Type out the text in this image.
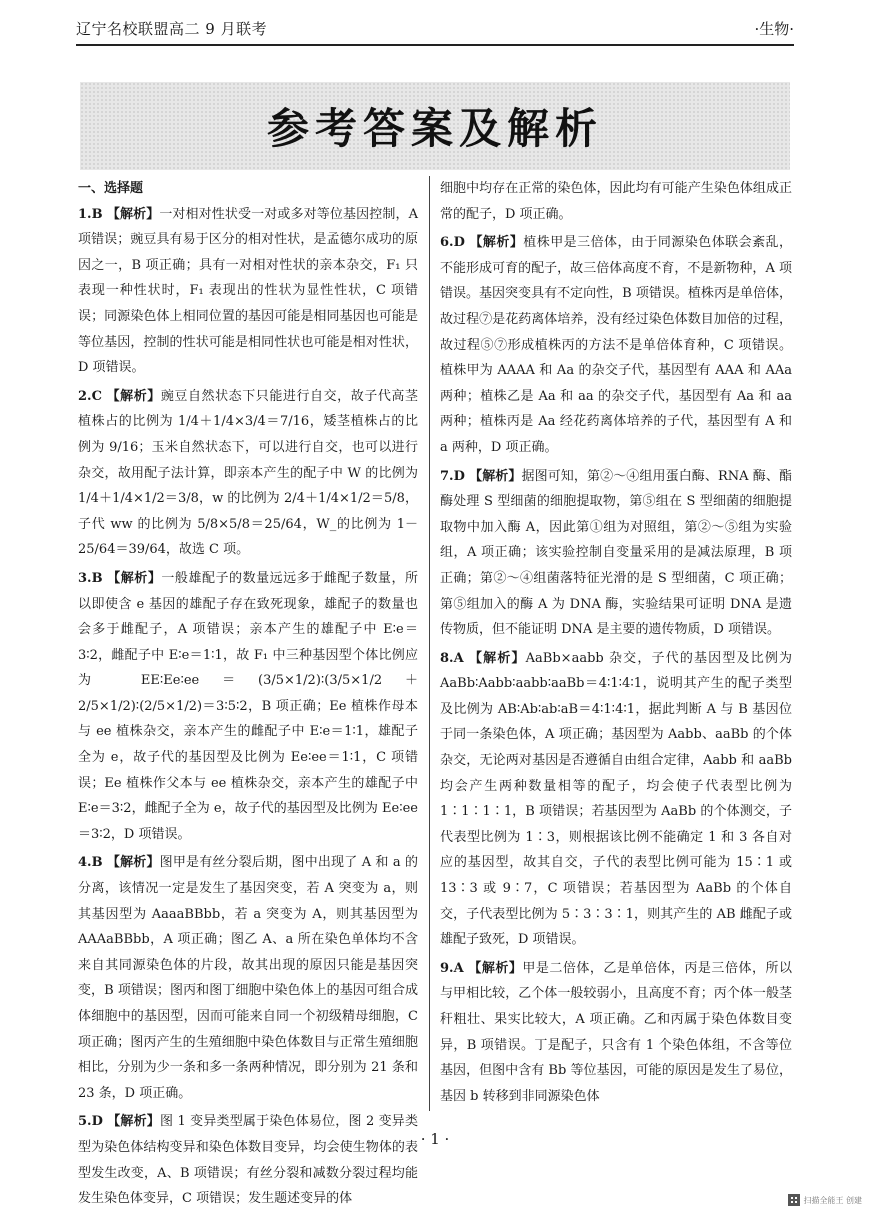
辽宁名校联盟高二 9 月联考	·生物·
参考答案及解析
一、选择题
1.B 【解析】一对相对性状受一对或多对等位基因控制，A 项错误；豌豆具有易于区分的相对性状，是孟德尔成功的原因之一，B 项正确；具有一对相对性状的亲本杂交，F₁ 只表现一种性状时，F₁ 表现出的性状为显性性状，C 项错误；同源染色体上相同位置的基因可能是相同基因也可能是等位基因，控制的性状可能是相同性状也可能是相对性状，D 项错误。
2.C 【解析】豌豆自然状态下只能进行自交，故子代高茎植株占的比例为 1/4＋1/4×3/4＝7/16，矮茎植株占的比例为 9/16；玉米自然状态下，可以进行自交，也可以进行杂交，故用配子法计算，即亲本产生的配子中 W 的比例为 1/4＋1/4×1/2＝3/8，w 的比例为 2/4＋1/4×1/2＝5/8，子代 ww 的比例为 5/8×5/8＝25/64，W_的比例为 1－25/64＝39/64，故选 C 项。
3.B 【解析】一般雄配子的数量远远多于雌配子数量，所以即使含 e 基因的雄配子存在致死现象，雄配子的数量也会多于雌配子，A 项错误；亲本产生的雄配子中 E∶e＝3∶2，雌配子中 E∶e＝1∶1，故 F₁ 中三种基因型个体比例应为 EE∶Ee∶ee＝(3/5×1/2)∶(3/5×1/2＋2/5×1/2)∶(2/5×1/2)＝3∶5∶2，B 项正确；Ee 植株作母本与 ee 植株杂交，亲本产生的雌配子中 E∶e＝1∶1，雄配子全为 e，故子代的基因型及比例为 Ee∶ee＝1∶1，C 项错误；Ee 植株作父本与 ee 植株杂交，亲本产生的雄配子中 E∶e＝3∶2，雌配子全为 e，故子代的基因型及比例为 Ee∶ee＝3∶2，D 项错误。
4.B 【解析】图甲是有丝分裂后期，图中出现了 A 和 a 的分离，该情况一定是发生了基因突变，若 A 突变为 a，则其基因型为 AaaaBBbb，若 a 突变为 A，则其基因型为 AAAaBBbb，A 项正确；图乙 A、a 所在染色单体均不含来自其同源染色体的片段，故其出现的原因只能是基因突变，B 项错误；图丙和图丁细胞中染色体上的基因可组合成体细胞中的基因型，因而可能来自同一个初级精母细胞，C 项正确；图丙产生的生殖细胞中染色体数目与正常生殖细胞相比，分别为少一条和多一条两种情况，即分别为 21 条和 23 条，D 项正确。
5.D 【解析】图 1 变异类型属于染色体易位，图 2 变异类型为染色体结构变异和染色体数目变异，均会使生物体的表型发生改变，A、B 项错误；有丝分裂和减数分裂过程均能发生染色体变异，C 项错误；发生题述变异的体
细胞中均存在正常的染色体，因此均有可能产生染色体组成正常的配子，D 项正确。
6.D 【解析】植株甲是三倍体，由于同源染色体联会紊乱，不能形成可育的配子，故三倍体高度不育，不是新物种，A 项错误。基因突变具有不定向性，B 项错误。植株丙是单倍体，故过程⑦是花药离体培养，没有经过染色体数目加倍的过程，故过程⑤⑦形成植株丙的方法不是单倍体育种，C 项错误。植株甲为 AAAA 和 Aa 的杂交子代，基因型有 AAA 和 AAa 两种；植株乙是 Aa 和 aa 的杂交子代，基因型有 Aa 和 aa 两种；植株丙是 Aa 经花药离体培养的子代，基因型有 A 和 a 两种，D 项正确。
7.D 【解析】据图可知，第②～④组用蛋白酶、RNA 酶、酯酶处理 S 型细菌的细胞提取物，第⑤组在 S 型细菌的细胞提取物中加入酶 A，因此第①组为对照组，第②～⑤组为实验组，A 项正确；该实验控制自变量采用的是减法原理，B 项正确；第②～④组菌落特征光滑的是 S 型细菌，C 项正确；第⑤组加入的酶 A 为 DNA 酶，实验结果可证明 DNA 是遗传物质，但不能证明 DNA 是主要的遗传物质，D 项错误。
8.A 【解析】AaBb×aabb 杂交，子代的基因型及比例为 AaBb∶Aabb∶aabb∶aaBb＝4∶1∶4∶1，说明其产生的配子类型及比例为 AB∶Ab∶ab∶aB＝4∶1∶4∶1，据此判断 A 与 B 基因位于同一条染色体，A 项正确；基因型为 Aabb、aaBb 的个体杂交，无论两对基因是否遵循自由组合定律，Aabb 和 aaBb 均会产生两种数量相等的配子，均会使子代表型比例为 1∶1∶1∶1，B 项错误；若基因型为 AaBb 的个体测交，子代表型比例为 1∶3，则根据该比例不能确定 1 和 3 各自对应的基因型，故其自交，子代的表型比例可能为 15∶1 或 13∶3 或 9∶7，C 项错误；若基因型为 AaBb 的个体自交，子代表型比例为 5∶3∶3∶1，则其产生的 AB 雌配子或雄配子致死，D 项错误。
9.A 【解析】甲是二倍体，乙是单倍体，丙是三倍体，所以与甲相比较，乙个体一般较弱小，且高度不育；丙个体一般茎秆粗壮、果实比较大，A 项正确。乙和丙属于染色体数目变异，B 项错误。丁是配子，只含有 1 个染色体组，不含等位基因，但图中含有 Bb 等位基因，可能的原因是发生了易位，基因 b 转移到非同源染色体
· 1 ·
扫描全能王 创建
